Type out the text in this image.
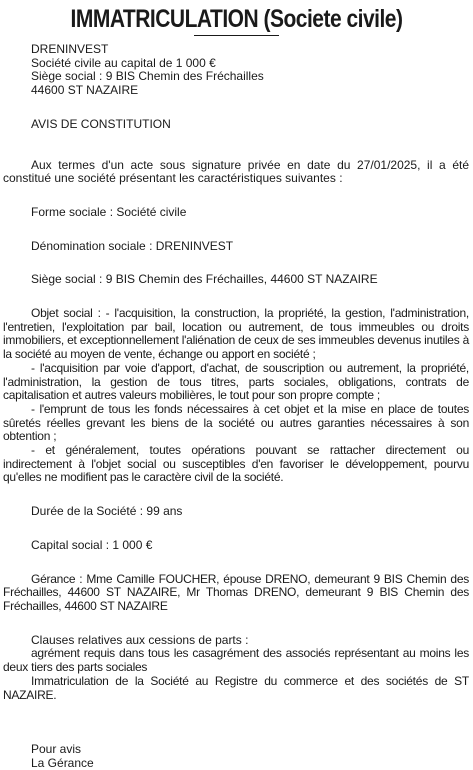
IMMATRICULATION (Societe civile)

DRENINVEST

Société civile au capital de 1 000 €

Siège social : 9 BIS Chemin des Fréchailles

44600 ST NAZAIRE

AVIS DE CONSTITUTION

Aux termes d'un acte sous signature privée en date du 27/01/2025, il a été constitué une société présentant les caractéristiques suivantes :

Forme sociale : Société civile

Dénomination sociale : DRENINVEST

Siège social : 9 BIS Chemin des Fréchailles, 44600 ST NAZAIRE

Objet social : - l'acquisition, la construction, la propriété, la gestion, l'administration, l'entretien, l'exploitation par bail, location ou autrement, de tous immeubles ou droits immobiliers, et exceptionnellement l'aliénation de ceux de ses immeubles devenus inutiles à la société au moyen de vente, échange ou apport en société ;

- l'acquisition par voie d'apport, d'achat, de souscription ou autrement, la propriété, l'administration, la gestion de tous titres, parts sociales, obligations, contrats de capitalisation et autres valeurs mobilières, le tout pour son propre compte ;

- l'emprunt de tous les fonds nécessaires à cet objet et la mise en place de toutes sûretés réelles grevant les biens de la société ou autres garanties nécessaires à son obtention ;

- et généralement, toutes opérations pouvant se rattacher directement ou indirectement à l'objet social ou susceptibles d'en favoriser le développement, pourvu qu'elles ne modifient pas le caractère civil de la société.

Durée de la Société : 99 ans

Capital social : 1 000 €

Gérance : Mme Camille FOUCHER, épouse DRENO, demeurant 9 BIS Chemin des Fréchailles, 44600 ST NAZAIRE, Mr Thomas DRENO, demeurant 9 BIS Chemin des Fréchailles, 44600 ST NAZAIRE

Clauses relatives aux cessions de parts :

agrément requis dans tous les casagrément des associés représentant au moins les deux tiers des parts sociales

Immatriculation de la Société au Registre du commerce et des sociétés de ST NAZAIRE.

Pour avis

La Gérance
